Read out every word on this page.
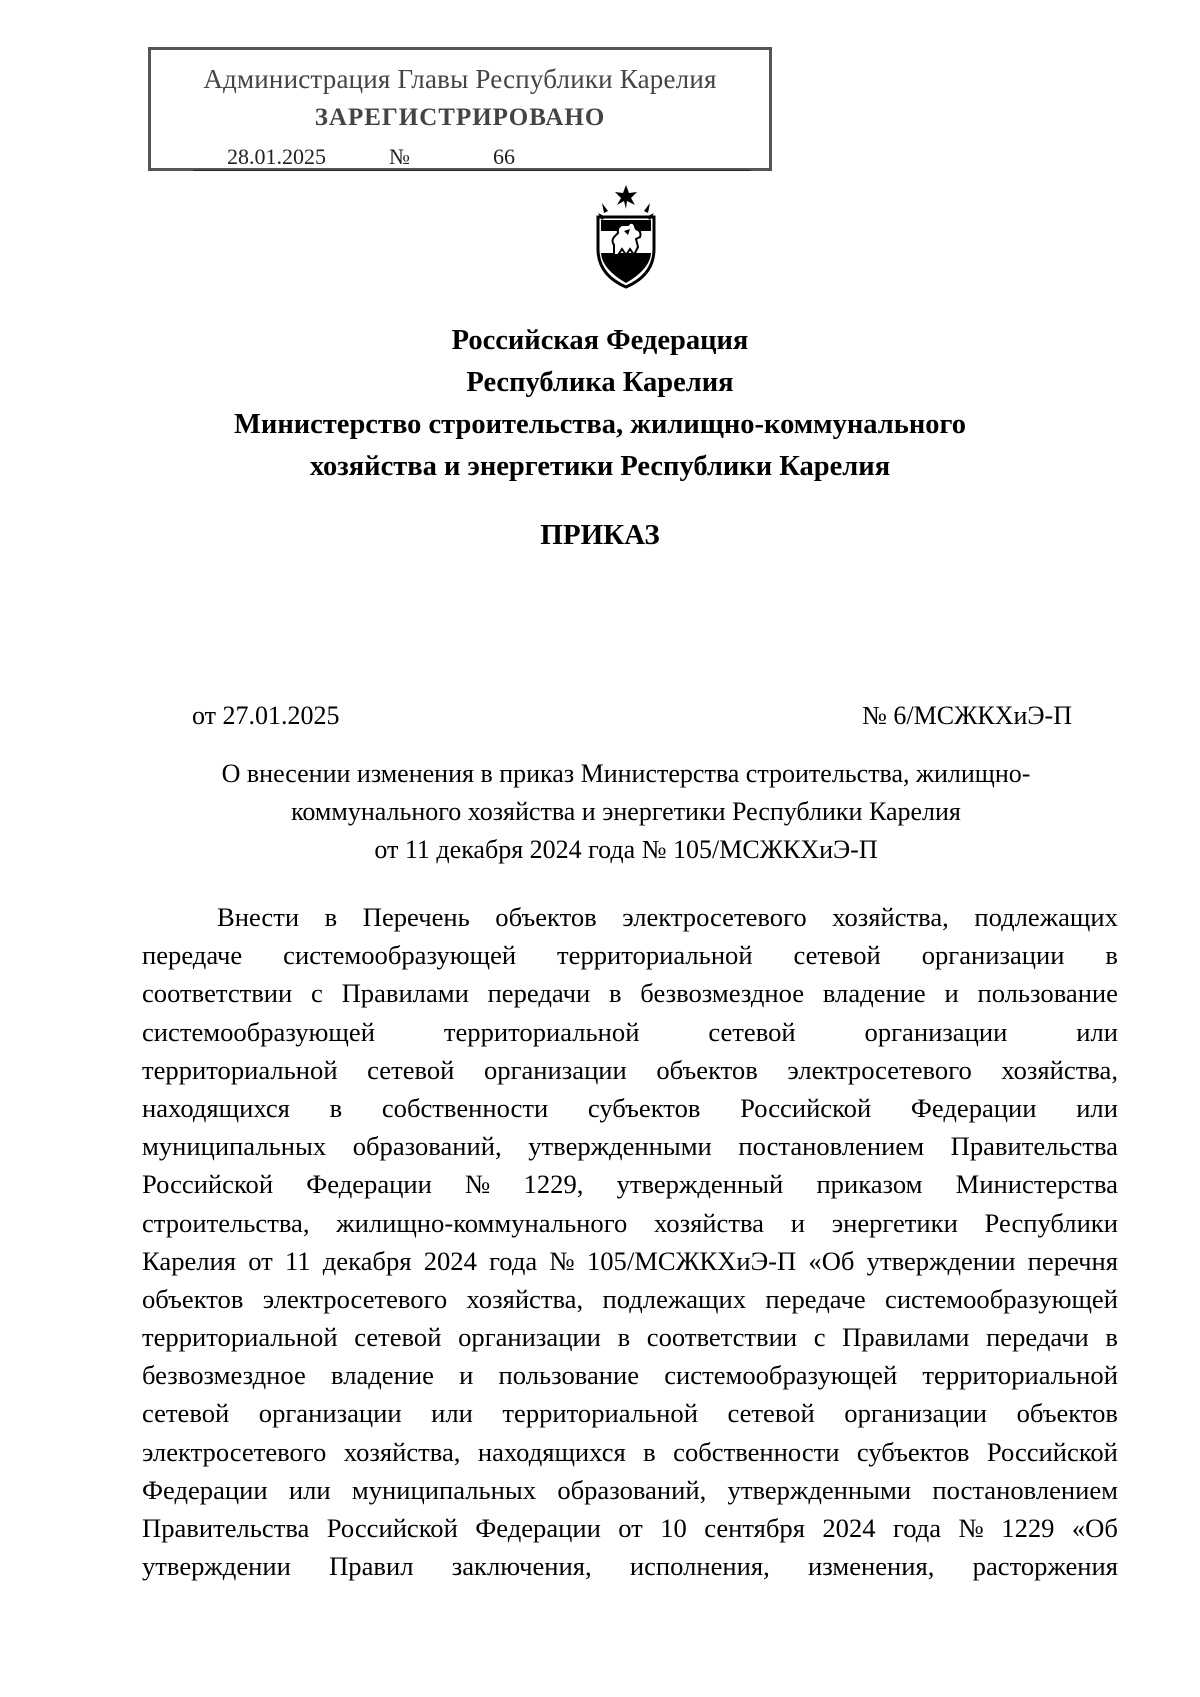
Администрация Главы Республики Карелия
ЗАРЕГИСТРИРОВАНО
28.01.2025	№	66
Российская Федерация
Республика Карелия
Министерство строительства, жилищно-коммунального
хозяйства и энергетики Республики Карелия
ПРИКАЗ
от 27.01.2025	№ 6/МСЖКХиЭ-П
О внесении изменения в приказ Министерства строительства, жилищно-
коммунального хозяйства и энергетики Республики Карелия
от 11 декабря 2024 года № 105/МСЖКХиЭ-П
Внести в Перечень объектов электросетевого хозяйства, подлежащих
передаче системообразующей территориальной сетевой организации в
соответствии с Правилами передачи в безвозмездное владение и пользование
системообразующей	территориальной	сетевой	организации	или
территориальной сетевой организации объектов электросетевого хозяйства,
находящихся в собственности субъектов Российской Федерации или
муниципальных образований, утвержденными постановлением Правительства
Российской Федерации № 1229, утвержденный приказом Министерства
строительства, жилищно-коммунального хозяйства и энергетики Республики
Карелия от 11 декабря 2024 года № 105/МСЖКХиЭ-П «Об утверждении перечня
объектов электросетевого хозяйства, подлежащих передаче системообразующей
территориальной сетевой организации в соответствии с Правилами передачи в
безвозмездное владение и пользование системообразующей территориальной
сетевой организации или территориальной сетевой организации объектов
электросетевого хозяйства, находящихся в собственности субъектов Российской
Федерации или муниципальных образований, утвержденными постановлением
Правительства Российской Федерации от 10 сентября 2024 года № 1229 «Об
утверждении Правил заключения, исполнения, изменения, расторжения
